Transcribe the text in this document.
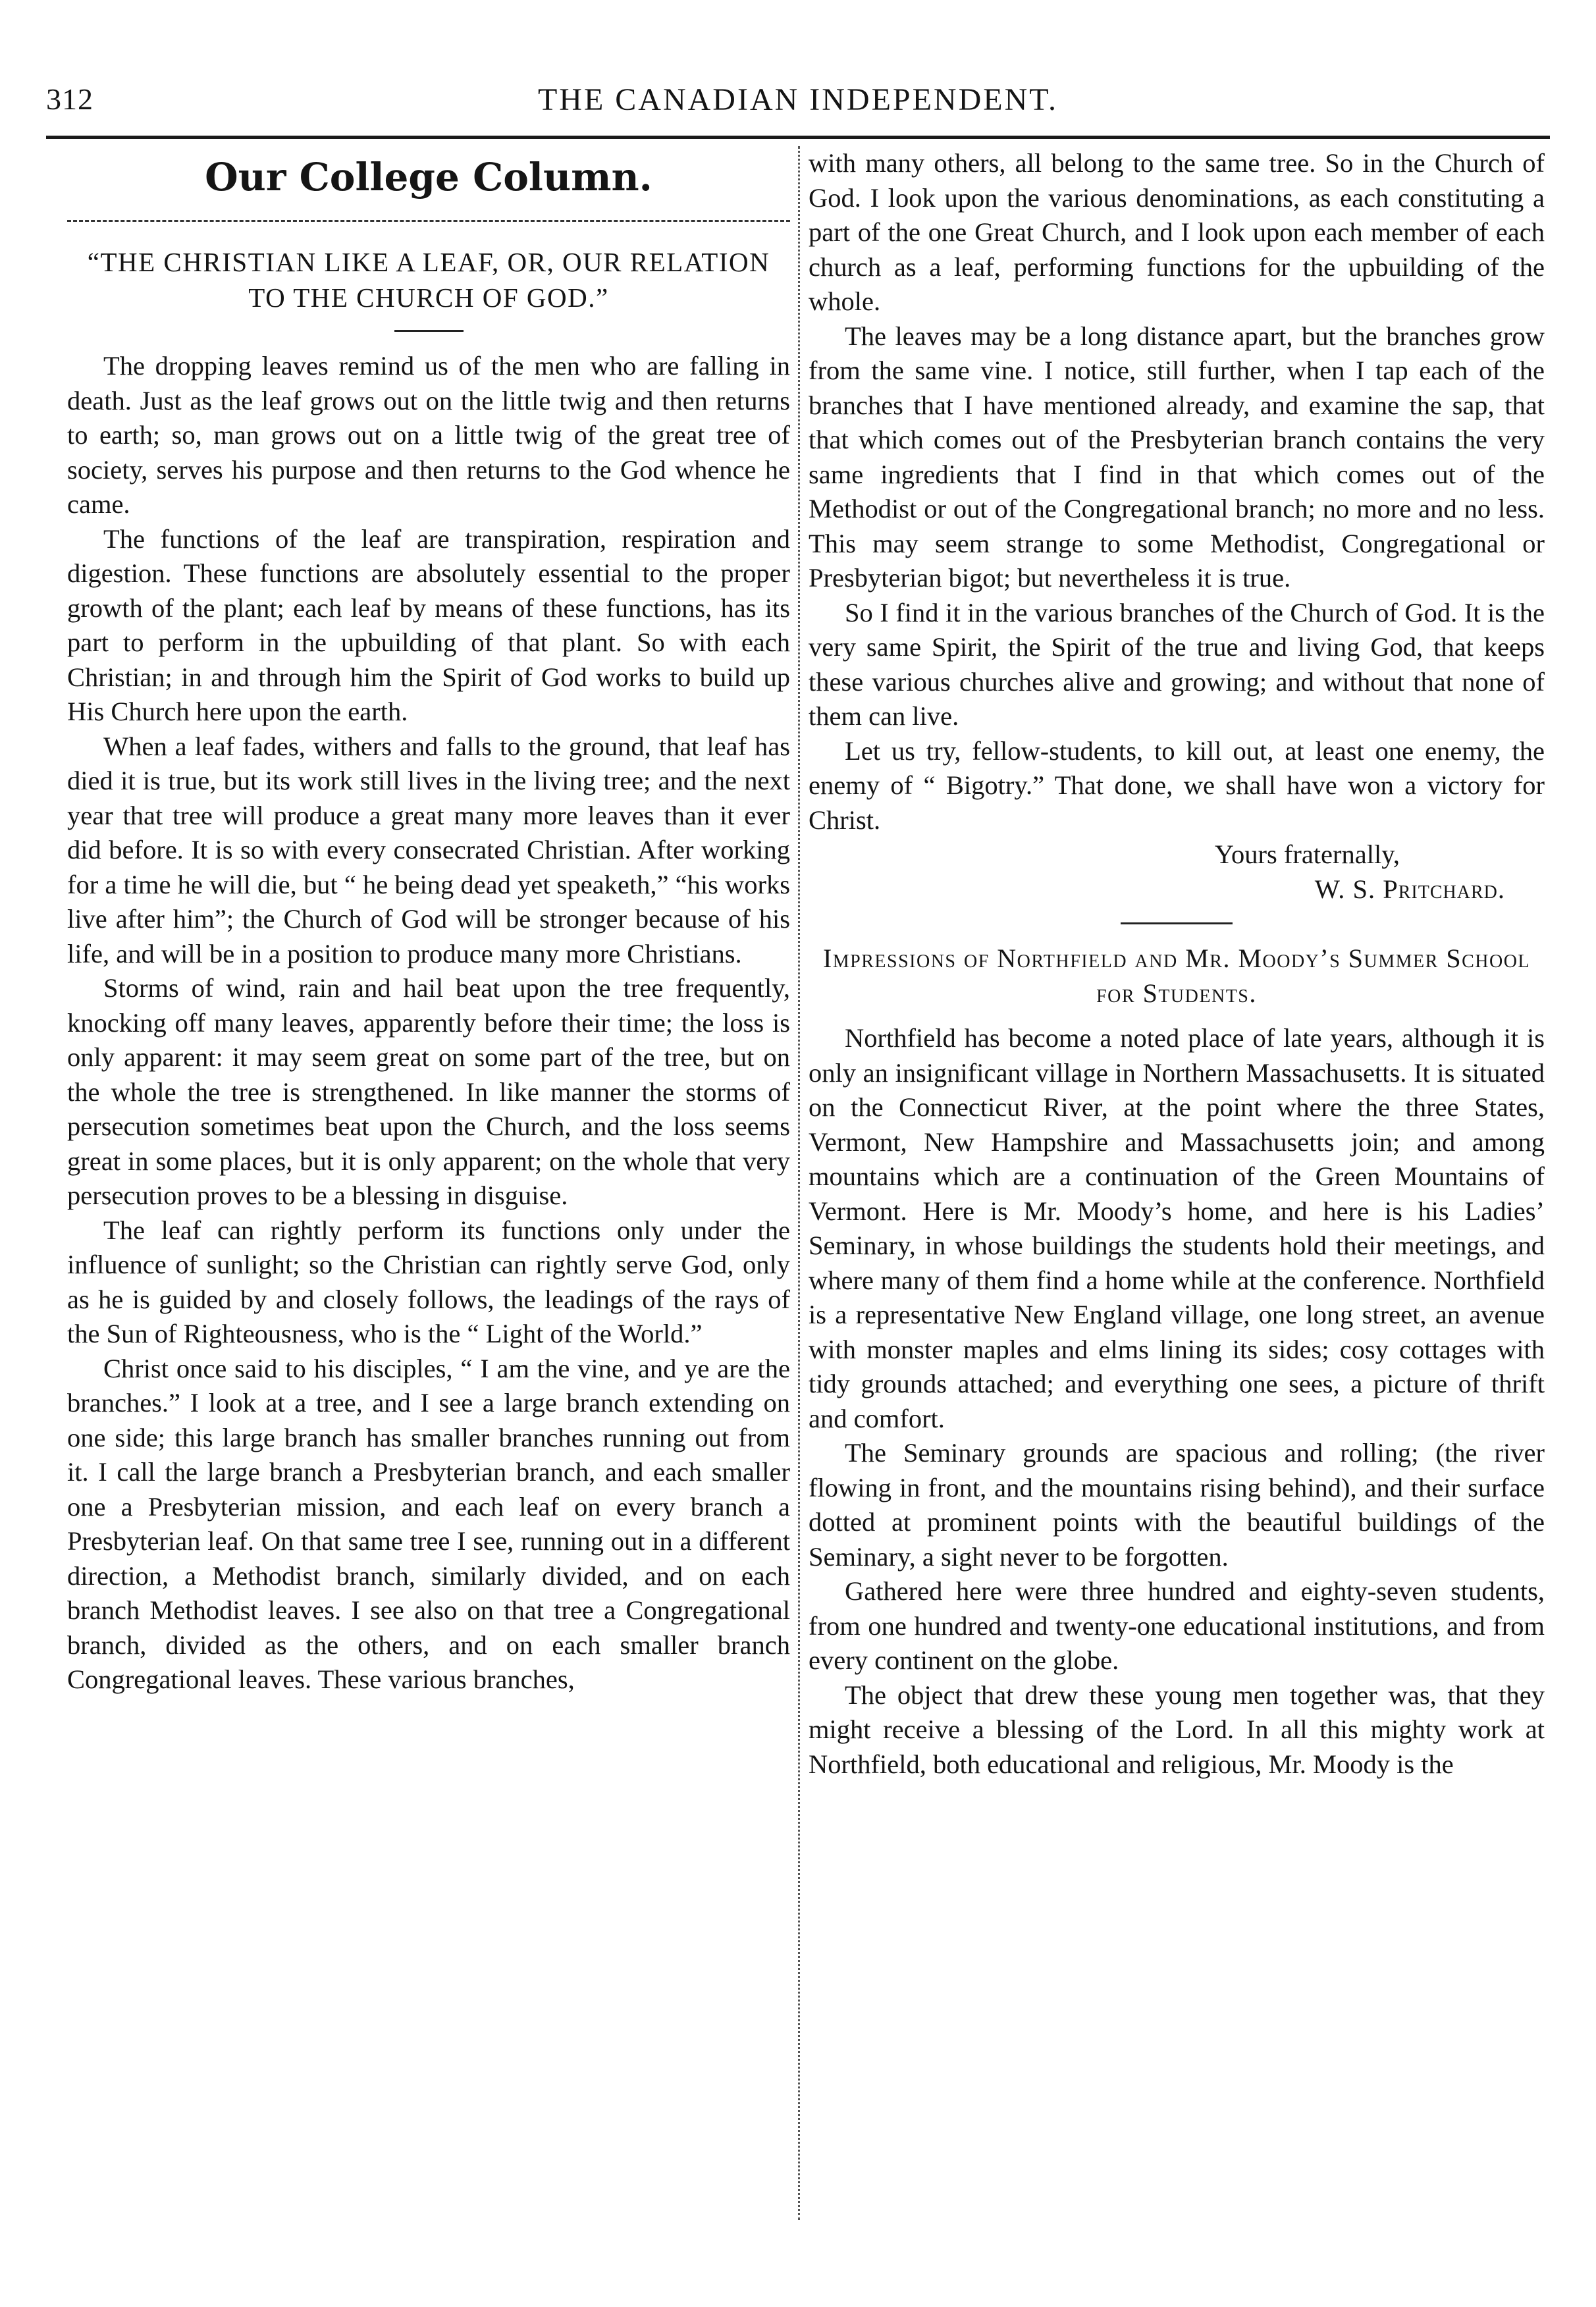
312	THE CANADIAN INDEPENDENT.
Our College Column.
“THE CHRISTIAN LIKE A LEAF, OR, OUR RELATION TO THE CHURCH OF GOD.”

The dropping leaves remind us of the men who are falling in death. Just as the leaf grows out on the little twig and then returns to earth; so, man grows out on a little twig of the great tree of society, serves his purpose and then returns to the God whence he came.

The functions of the leaf are transpiration, respiration and digestion. These functions are absolutely essential to the proper growth of the plant; each leaf by means of these functions, has its part to perform in the upbuilding of that plant. So with each Christian; in and through him the Spirit of God works to build up His Church here upon the earth.

When a leaf fades, withers and falls to the ground, that leaf has died it is true, but its work still lives in the living tree; and the next year that tree will produce a great many more leaves than it ever did before. It is so with every consecrated Christian. After working for a time he will die, but “ he being dead yet speaketh,” “his works live after him”; the Church of God will be stronger because of his life, and will be in a position to produce many more Christians.

Storms of wind, rain and hail beat upon the tree frequently, knocking off many leaves, apparently before their time; the loss is only apparent: it may seem great on some part of the tree, but on the whole the tree is strengthened. In like manner the storms of persecution sometimes beat upon the Church, and the loss seems great in some places, but it is only apparent; on the whole that very persecution proves to be a blessing in disguise.

The leaf can rightly perform its functions only under the influence of sunlight; so the Christian can rightly serve God, only as he is guided by and closely follows, the leadings of the rays of the Sun of Righteousness, who is the “ Light of the World.”

Christ once said to his disciples, “ I am the vine, and ye are the branches.” I look at a tree, and I see a large branch extending on one side; this large branch has smaller branches running out from it. I call the large branch a Presbyterian branch, and each smaller one a Presbyterian mission, and each leaf on every branch a Presbyterian leaf. On that same tree I see, running out in a different direction, a Methodist branch, similarly divided, and on each branch Methodist leaves. I see also on that tree a Congregational branch, divided as the others, and on each smaller branch Congregational leaves. These various branches,

with many others, all belong to the same tree. So in the Church of God. I look upon the various denominations, as each constituting a part of the one Great Church, and I look upon each member of each church as a leaf, performing functions for the upbuilding of the whole.

The leaves may be a long distance apart, but the branches grow from the same vine. I notice, still further, when I tap each of the branches that I have mentioned already, and examine the sap, that that which comes out of the Presbyterian branch contains the very same ingredients that I find in that which comes out of the Methodist or out of the Congregational branch; no more and no less. This may seem strange to some Methodist, Congregational or Presbyterian bigot; but nevertheless it is true.

So I find it in the various branches of the Church of God. It is the very same Spirit, the Spirit of the true and living God, that keeps these various churches alive and growing; and without that none of them can live.

Let us try, fellow-students, to kill out, at least one enemy, the enemy of “ Bigotry.” That done, we shall have won a victory for Christ.

Yours fraternally,

W. S. Pritchard.

Impressions of Northfield and Mr. Moody’s Summer School for Students.

Northfield has become a noted place of late years, although it is only an insignificant village in Northern Massachusetts. It is situated on the Connecticut River, at the point where the three States, Vermont, New Hampshire and Massachusetts join; and among mountains which are a continuation of the Green Mountains of Vermont. Here is Mr. Moody’s home, and here is his Ladies’ Seminary, in whose buildings the students hold their meetings, and where many of them find a home while at the conference. Northfield is a representative New England village, one long street, an avenue with monster maples and elms lining its sides; cosy cottages with tidy grounds attached; and everything one sees, a picture of thrift and comfort.

The Seminary grounds are spacious and rolling; (the river flowing in front, and the mountains rising behind), and their surface dotted at prominent points with the beautiful buildings of the Seminary, a sight never to be forgotten.

Gathered here were three hundred and eighty-seven students, from one hundred and twenty-one educational institutions, and from every continent on the globe.

The object that drew these young men together was, that they might receive a blessing of the Lord. In all this mighty work at Northfield, both educational and religious, Mr. Moody is the
